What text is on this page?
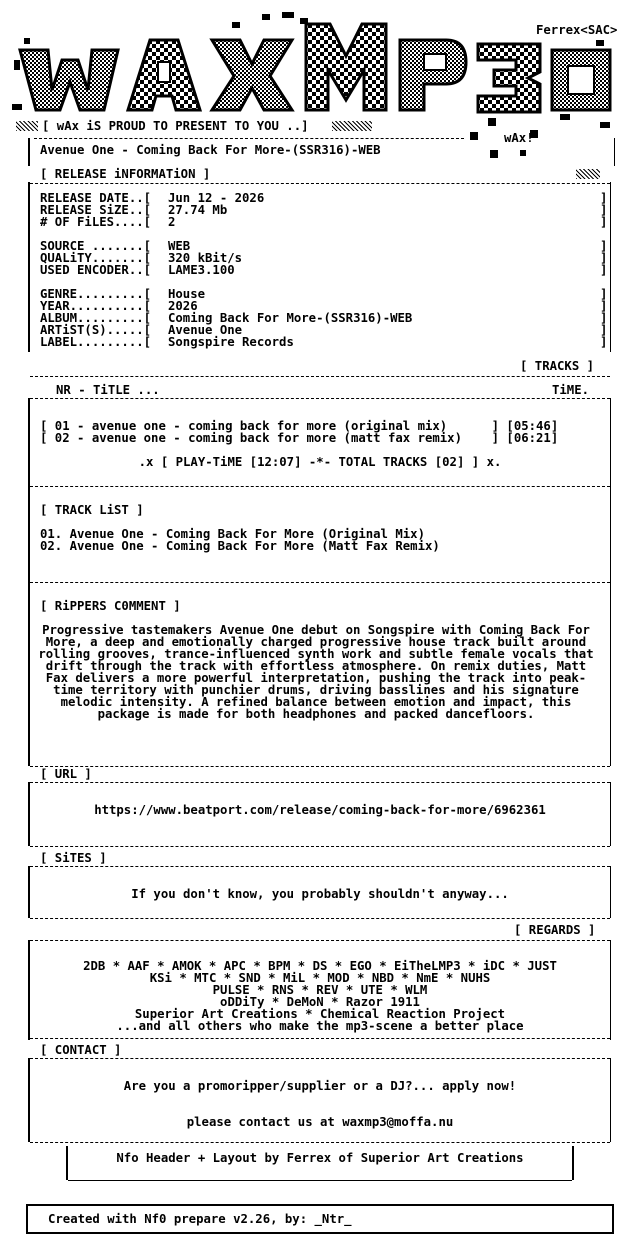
Ferrex<SAC>
[ wAx iS PROUD TO PRESENT TO YOU ..]
wAx!
Avenue One - Coming Back For More-(SSR316)-WEB
[ RELEASE iNFORMATiON ]
RELEASE DATE..[ Jun 12 - 2026
RELEASE SiZE..[ 27.74 Mb
# OF FiLES....[ 2
SOURCE .......[ WEB
QUALiTY.......[ 320 kBit/s
USED ENCODER..[ LAME3.100
GENRE.........[ House
YEAR..........[ 2026
ALBUM.........[ Coming Back For More-(SSR316)-WEB
ARTiST(S).....[ Avenue One
LABEL.........[ Songspire Records
]
]
]

]
]
]

]
]
]
]
]
[ TRACKS ]
NR - TiTLE ...	TiME.
[ 01 - avenue one - coming back for more (original mix)      ] [05:46]
[ 02 - avenue one - coming back for more (matt fax remix)    ] [06:21]
.x [ PLAY-TiME [12:07] -*- TOTAL TRACKS [02] ] x.
[ TRACK LiST ]
01. Avenue One - Coming Back For More (Original Mix)
02. Avenue One - Coming Back For More (Matt Fax Remix)
[ RiPPERS C0MMENT ]
Progressive tastemakers Avenue One debut on Songspire with Coming Back For More, a deep and emotionally charged progressive house track built around rolling grooves, trance-influenced synth work and subtle female vocals that drift through the track with effortless atmosphere. On remix duties, Matt Fax delivers a more powerful interpretation, pushing the track into peak-time territory with punchier drums, driving basslines and his signature melodic intensity. A refined balance between emotion and impact, this package is made for both headphones and packed dancefloors.
[ URL ]
https://www.beatport.com/release/coming-back-for-more/6962361
[ SiTES ]
If you don't know, you probably shouldn't anyway...
[ REGARDS ]
2DB * AAF * AMOK * APC * BPM * DS * EGO * EiTheLMP3 * iDC * JUST
KSi * MTC * SND * MiL * MOD * NBD * NmE * NUHS
PULSE * RNS * REV * UTE * WLM
oDDiTy * DeMoN * Razor 1911
Superior Art Creations * Chemical Reaction Project
...and all others who make the mp3-scene a better place
[ CONTACT ]
Are you a promoripper/supplier or a DJ?... apply now!
please contact us at waxmp3@moffa.nu
Nfo Header + Layout by Ferrex of Superior Art Creations
Created with Nf0 prepare v2.26, by: _Ntr_
